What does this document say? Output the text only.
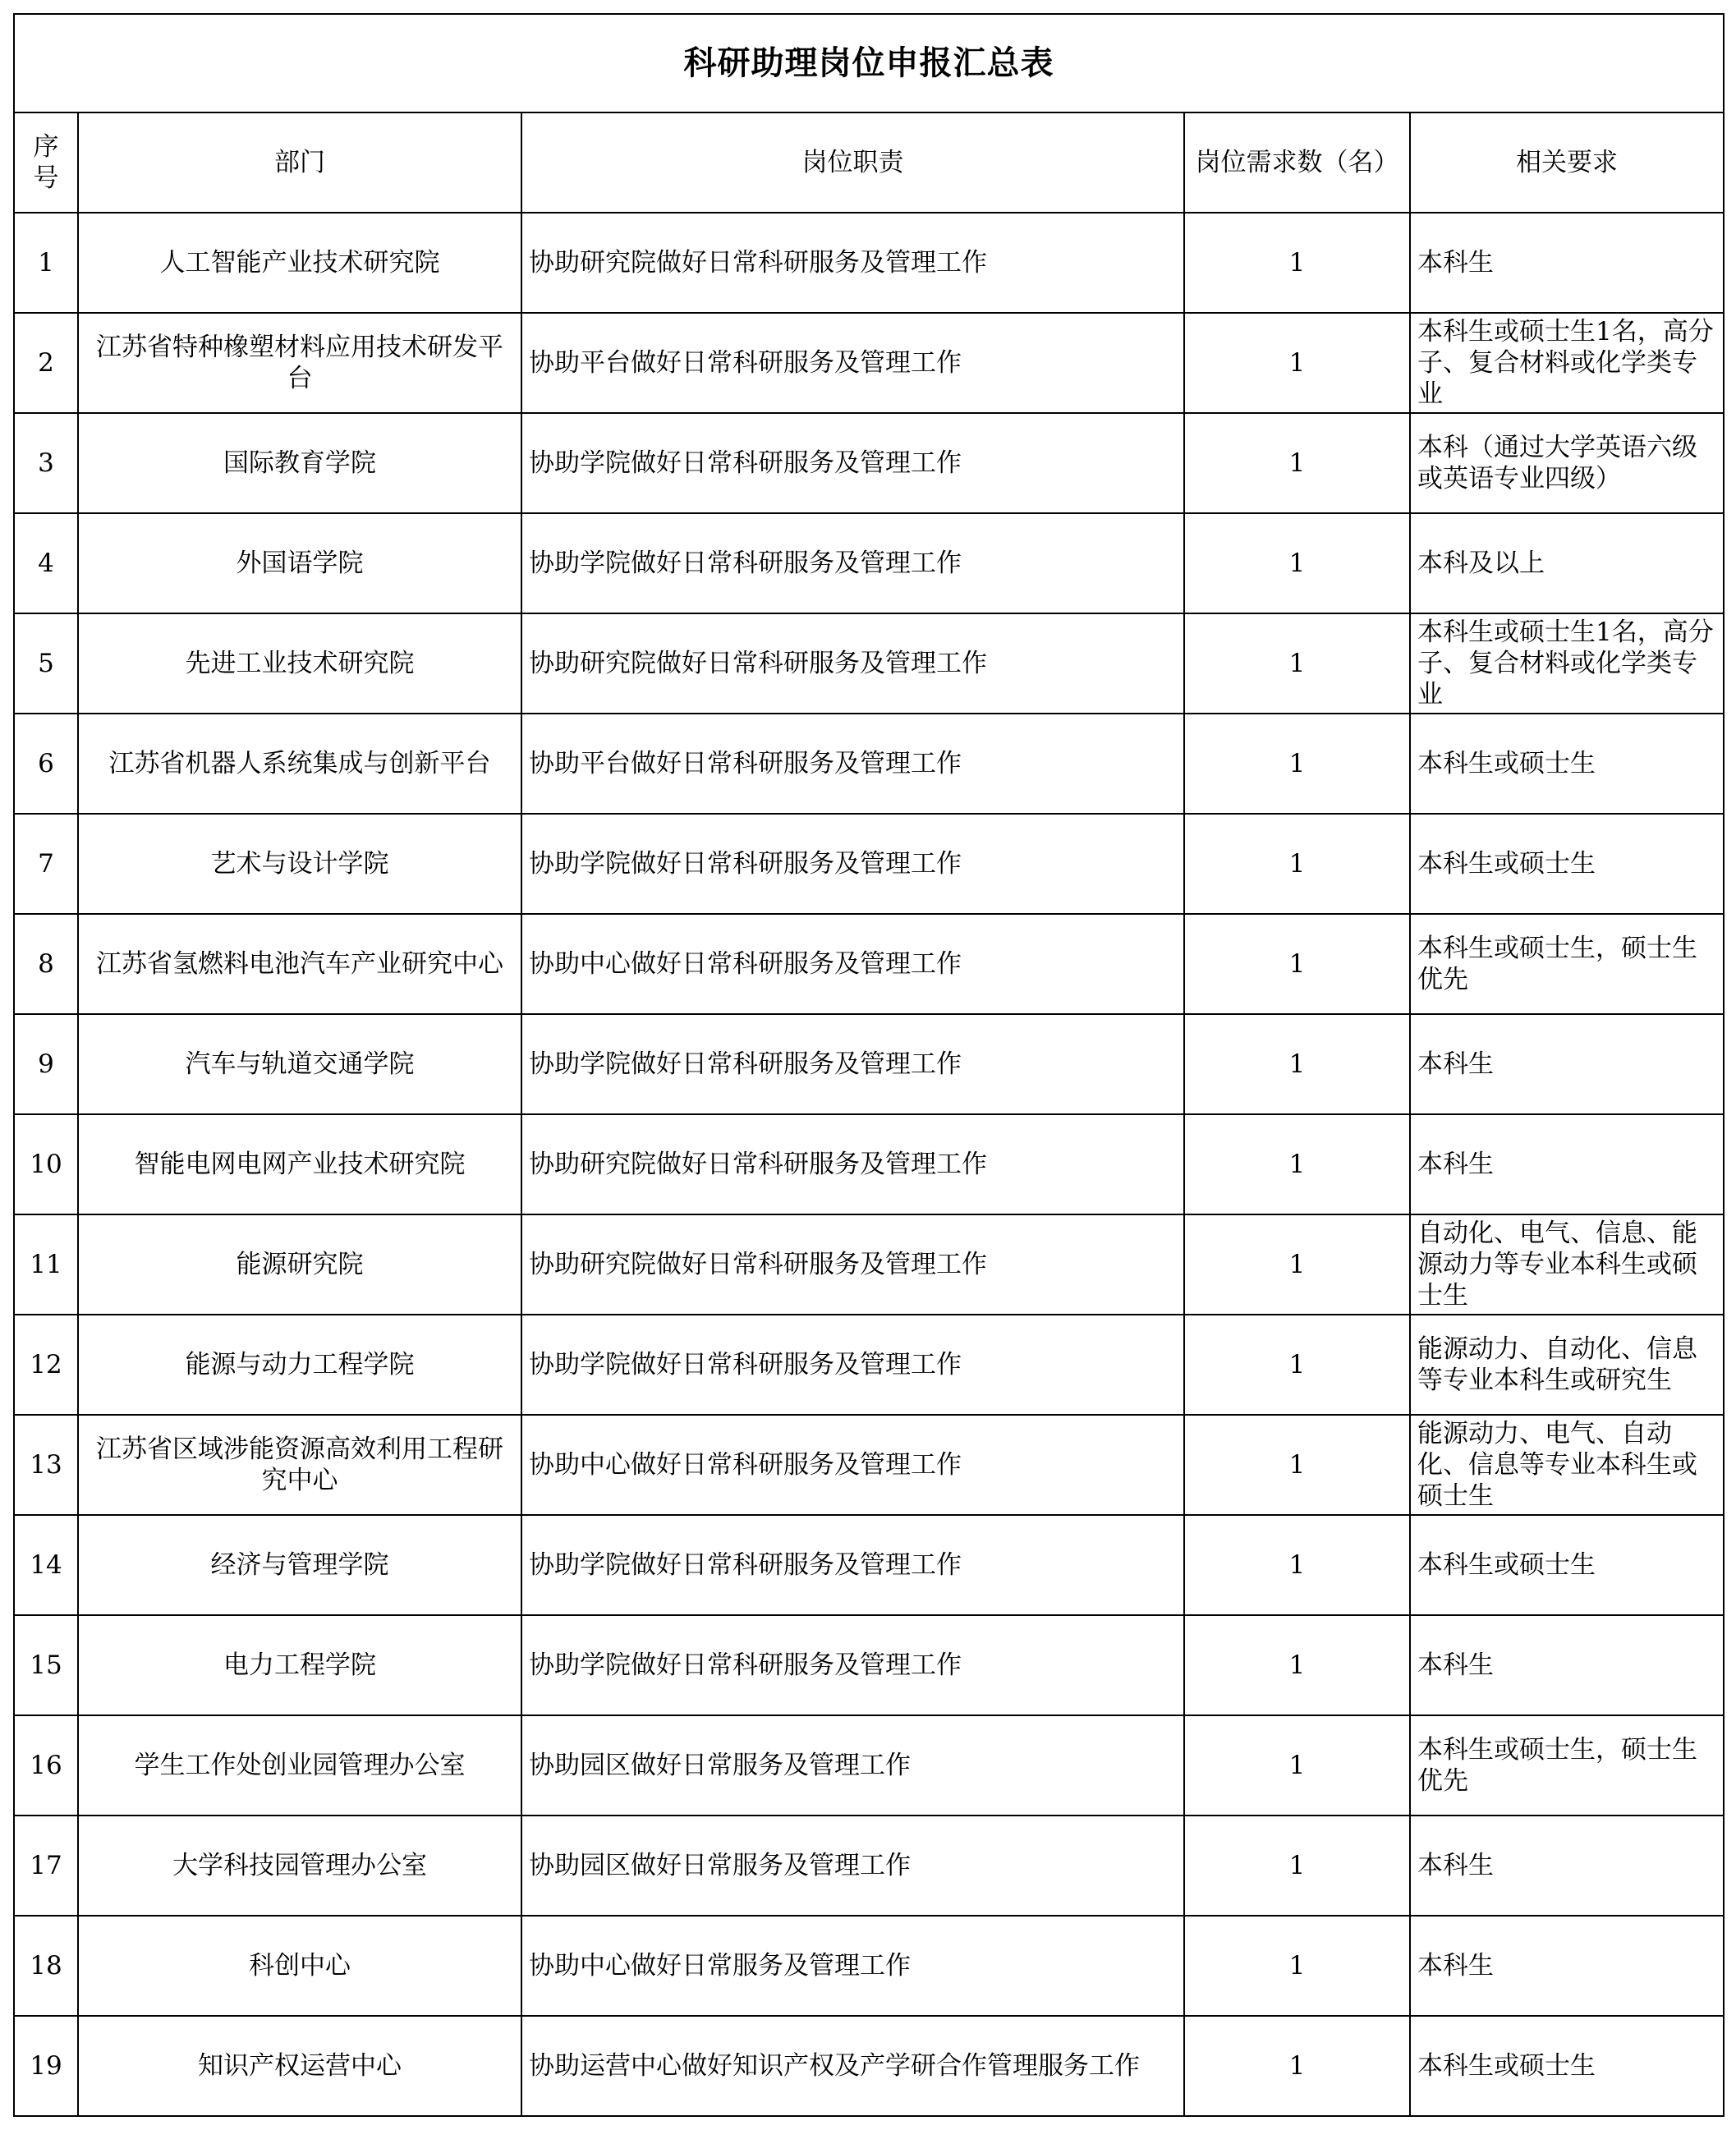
科研助理岗位申报汇总表				
序号	部门	岗位职责	岗位需求数（名）	相关要求
1	人工智能产业技术研究院	协助研究院做好日常科研服务及管理工作	1	本科生
2	江苏省特种橡塑材料应用技术研发平台	协助平台做好日常科研服务及管理工作	1	本科生或硕士生1名，高分子、复合材料或化学类专业
3	国际教育学院	协助学院做好日常科研服务及管理工作	1	本科（通过大学英语六级或英语专业四级）
4	外国语学院	协助学院做好日常科研服务及管理工作	1	本科及以上
5	先进工业技术研究院	协助研究院做好日常科研服务及管理工作	1	本科生或硕士生1名，高分子、复合材料或化学类专业
6	江苏省机器人系统集成与创新平台	协助平台做好日常科研服务及管理工作	1	本科生或硕士生
7	艺术与设计学院	协助学院做好日常科研服务及管理工作	1	本科生或硕士生
8	江苏省氢燃料电池汽车产业研究中心	协助中心做好日常科研服务及管理工作	1	本科生或硕士生，硕士生优先
9	汽车与轨道交通学院	协助学院做好日常科研服务及管理工作	1	本科生
10	智能电网电网产业技术研究院	协助研究院做好日常科研服务及管理工作	1	本科生
11	能源研究院	协助研究院做好日常科研服务及管理工作	1	自动化、电气、信息、能源动力等专业本科生或硕士生
12	能源与动力工程学院	协助学院做好日常科研服务及管理工作	1	能源动力、自动化、信息等专业本科生或研究生
13	江苏省区域涉能资源高效利用工程研究中心	协助中心做好日常科研服务及管理工作	1	能源动力、电气、自动化、信息等专业本科生或硕士生
14	经济与管理学院	协助学院做好日常科研服务及管理工作	1	本科生或硕士生
15	电力工程学院	协助学院做好日常科研服务及管理工作	1	本科生
16	学生工作处创业园管理办公室	协助园区做好日常服务及管理工作	1	本科生或硕士生，硕士生优先
17	大学科技园管理办公室	协助园区做好日常服务及管理工作	1	本科生
18	科创中心	协助中心做好日常服务及管理工作	1	本科生
19	知识产权运营中心	协助运营中心做好知识产权及产学研合作管理服务工作	1	本科生或硕士生
